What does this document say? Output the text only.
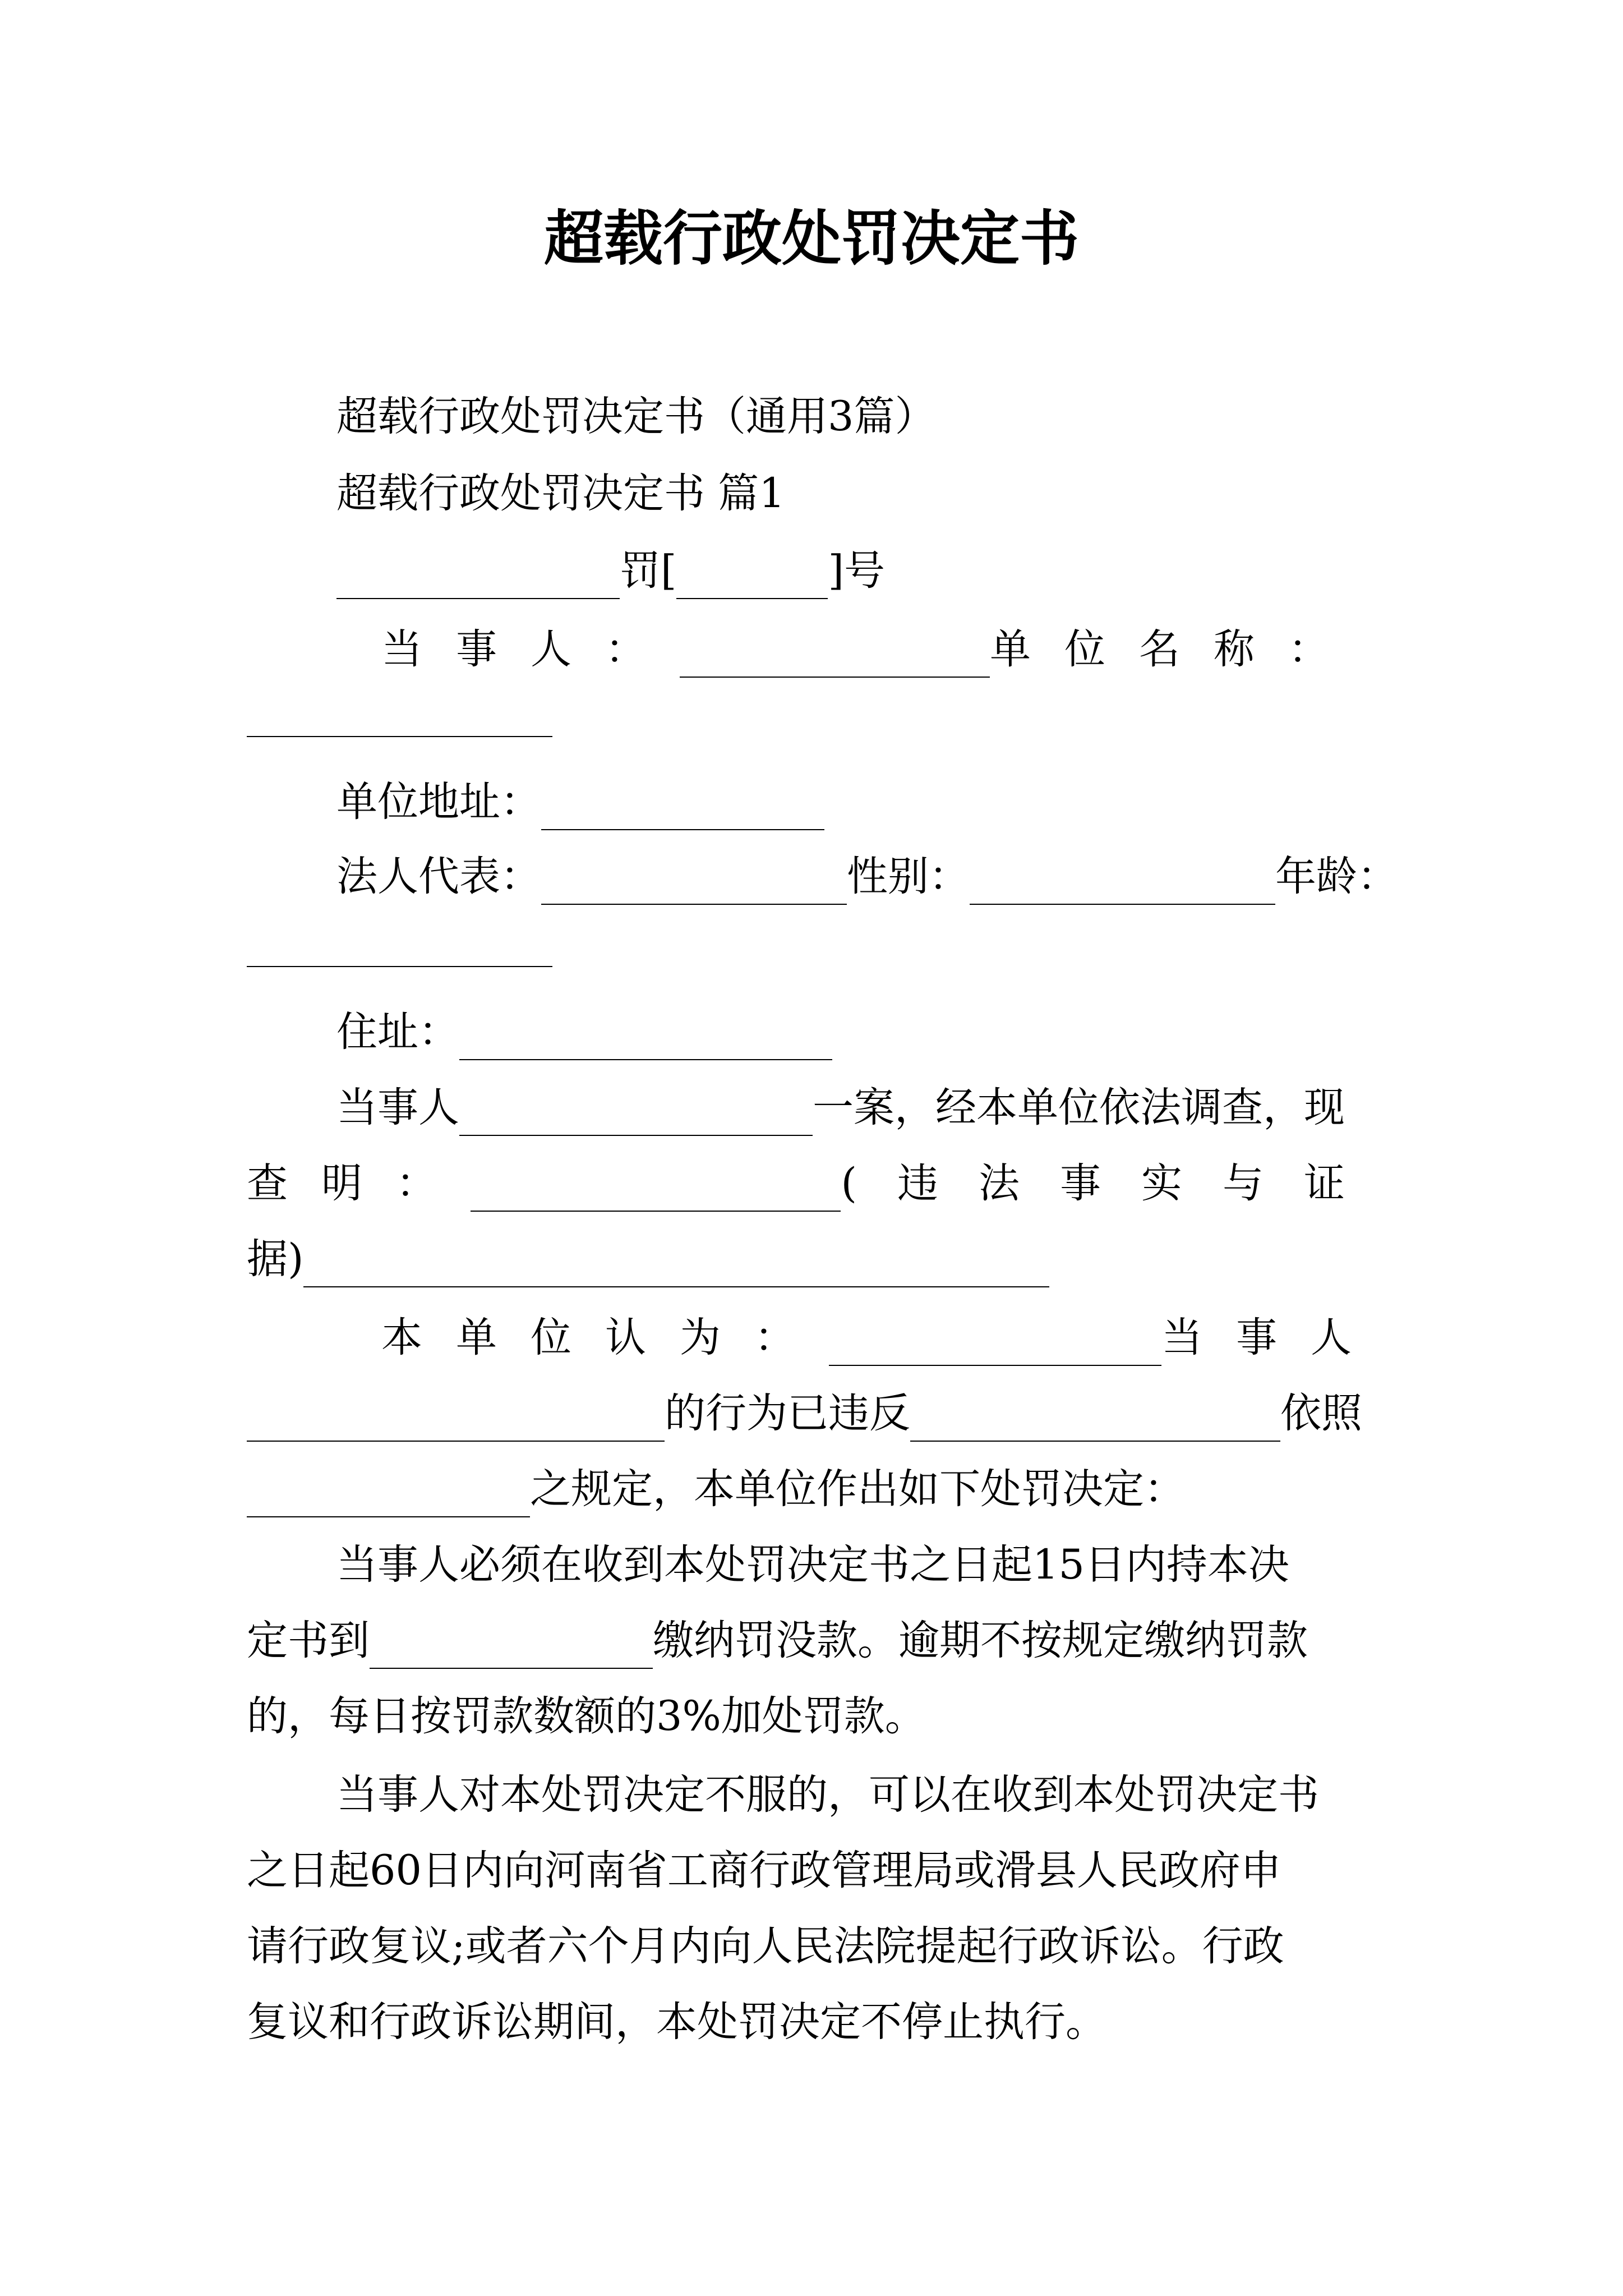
超载行政处罚决定书
超载行政处罚决定书（通用3篇）
超载行政处罚决定书 篇1
罚[	]号
当事人：	单位名称：
单位地址：
法人代表：	性别：	年龄：
住址：
当事人	一案，经本单位依法调查，现
查明：	(违法事实与证
据)
本单位认为：	当事人
的行为已违反	依照
之规定，本单位作出如下处罚决定：
当事人必须在收到本处罚决定书之日起15日内持本决
定书到	缴纳罚没款。逾期不按规定缴纳罚款
的，每日按罚款数额的3%加处罚款。
当事人对本处罚决定不服的，可以在收到本处罚决定书
之日起60日内向河南省工商行政管理局或滑县人民政府申
请行政复议;或者六个月内向人民法院提起行政诉讼。行政
复议和行政诉讼期间，本处罚决定不停止执行。
